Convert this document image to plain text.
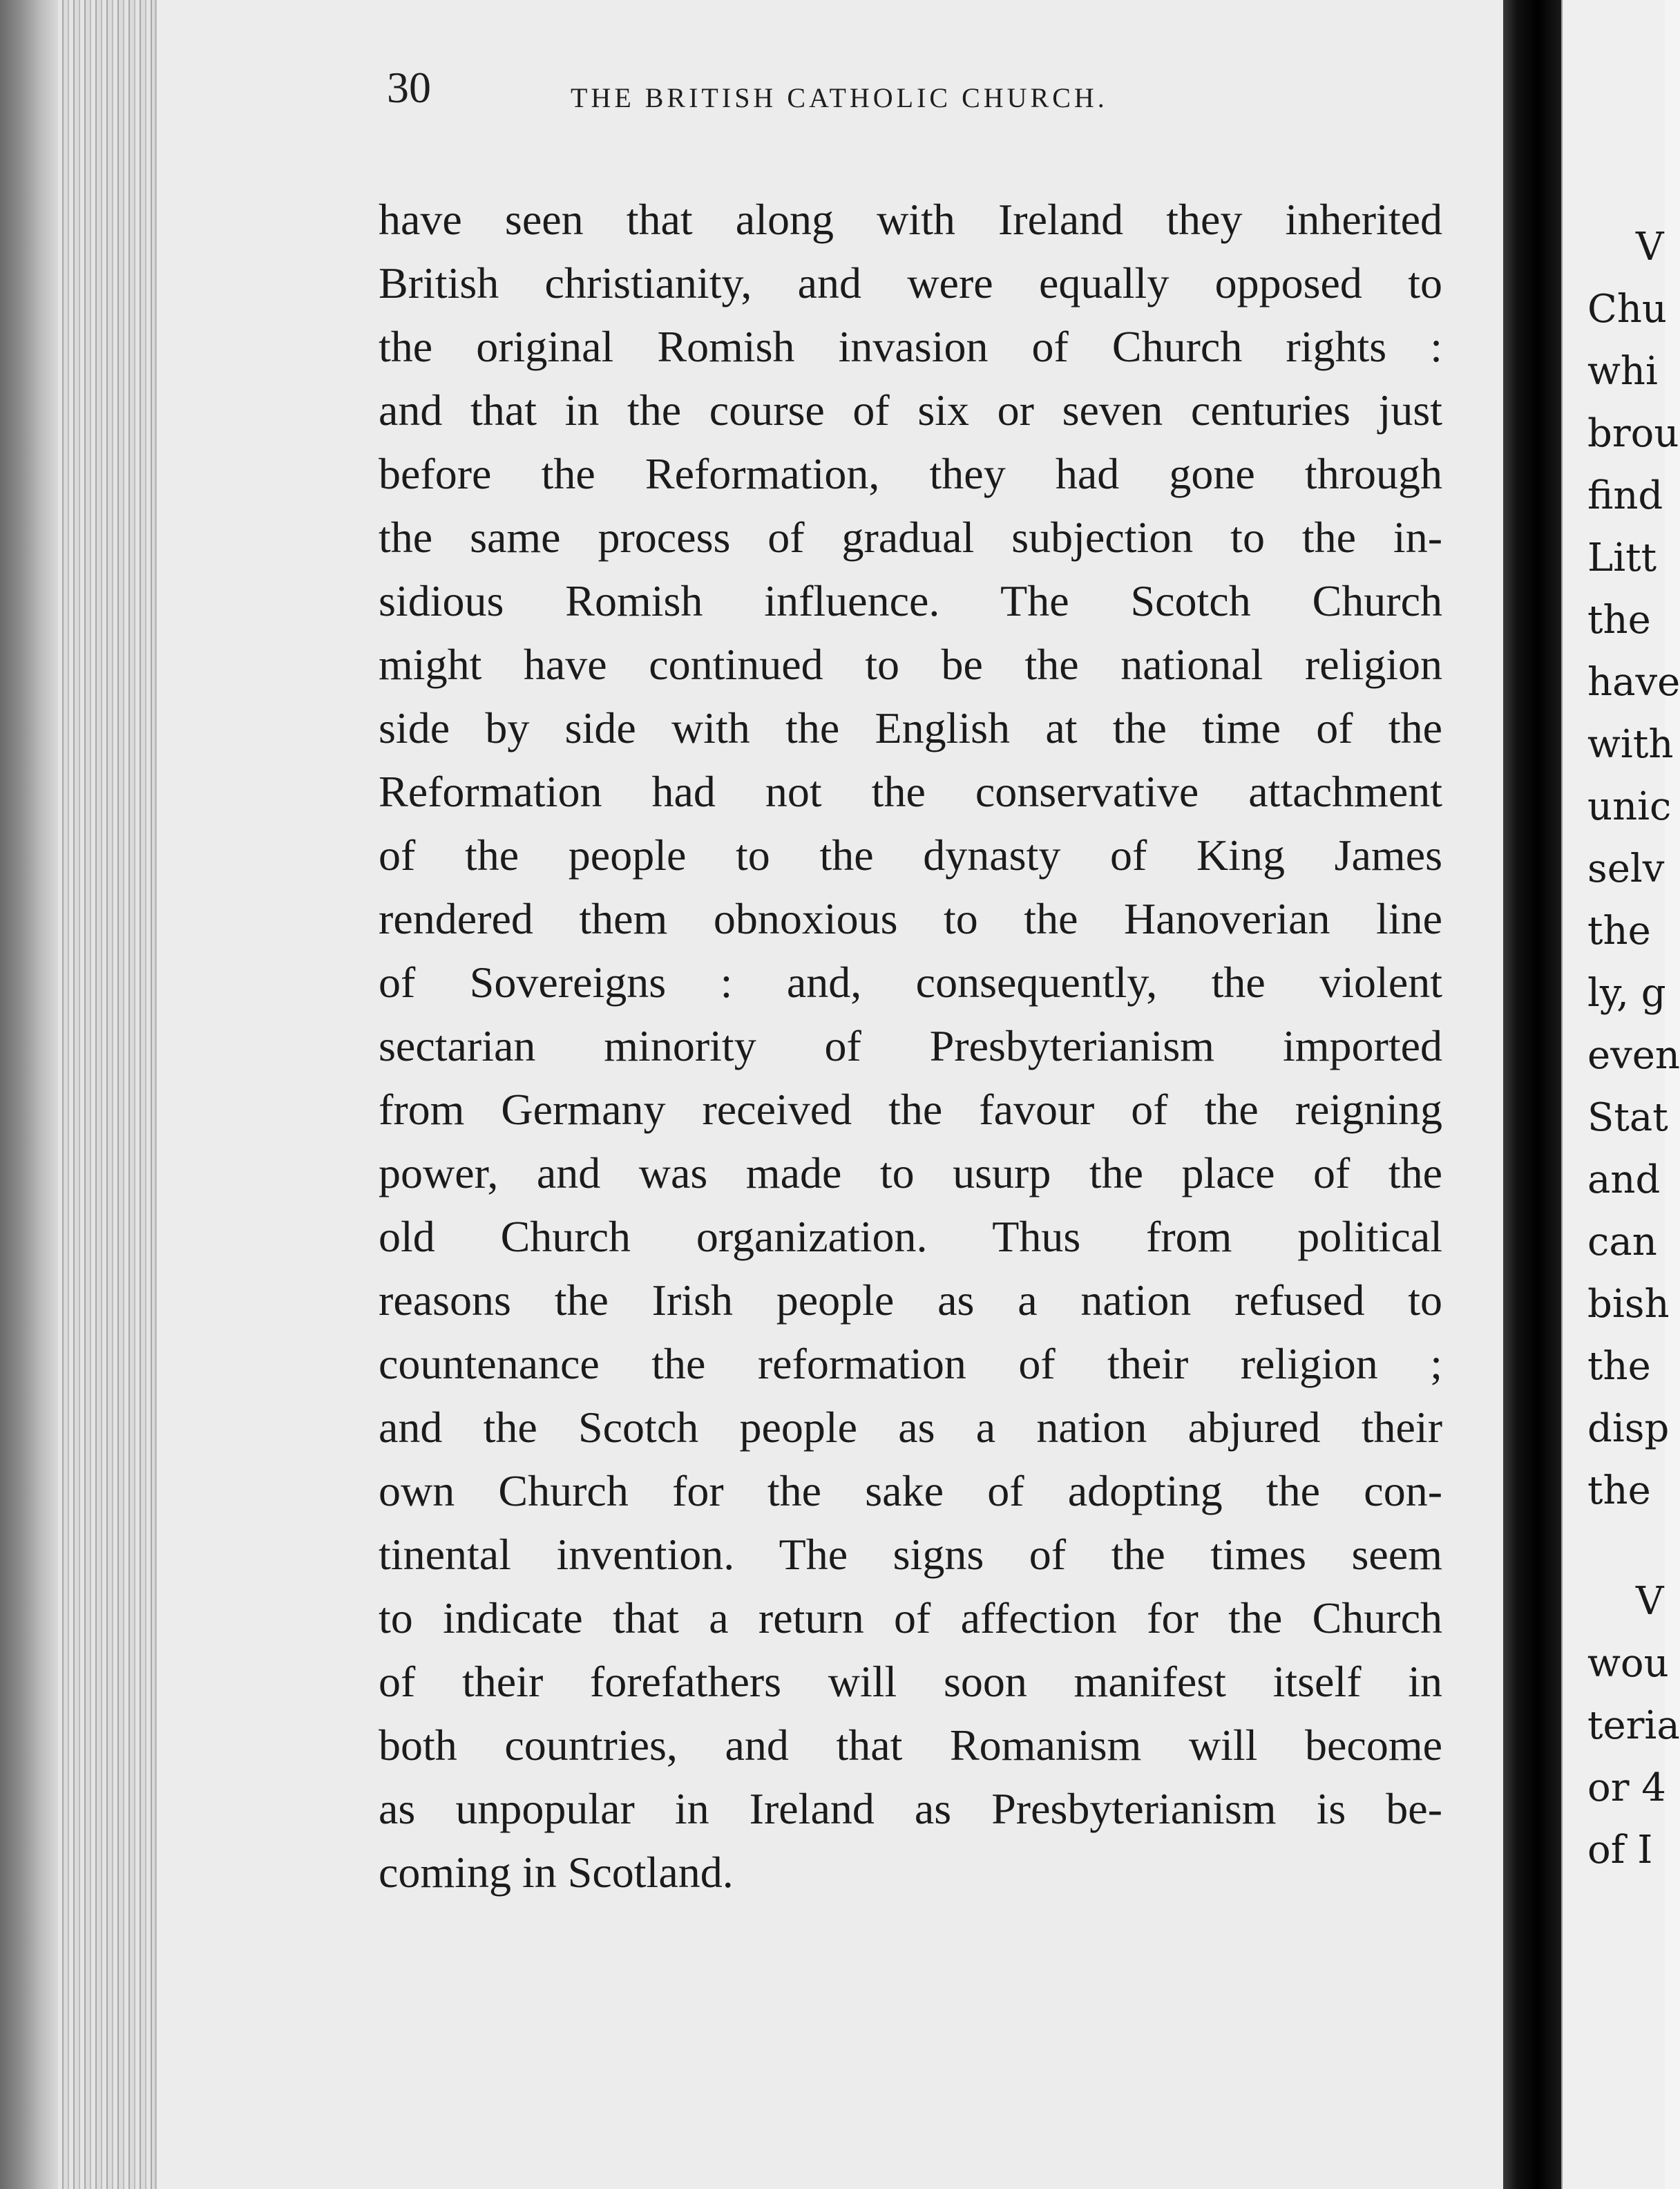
30	THE BRITISH CATHOLIC CHURCH.
have seen that along with Ireland they inherited
British christianity, and were equally opposed to
the original Romish invasion of Church rights :
and that in the course of six or seven centuries just
before the Reformation, they had gone through
the same process of gradual subjection to the in-
sidious Romish influence. The Scotch Church
might have continued to be the national religion
side by side with the English at the time of the
Reformation had not the conservative attachment
of the people to the dynasty of King James
rendered them obnoxious to the Hanoverian line
of Sovereigns : and, consequently, the violent
sectarian minority of Presbyterianism imported
from Germany received the favour of the reigning
power, and was made to usurp the place of the
old Church organization. Thus from political
reasons the Irish people as a nation refused to
countenance the reformation of their religion ;
and the Scotch people as a nation abjured their
own Church for the sake of adopting the con-
tinental invention. The signs of the times seem
to indicate that a return of affection for the Church
of their forefathers will soon manifest itself in
both countries, and that Romanism will become
as unpopular in Ireland as Presbyterianism is be-
coming in Scotland.
V
Chu
whi
brou
find
Litt
the
have
with
unic
selv
the
ly, g
even
Stat
and
can
bish
the
disp
the
V
wou
teria
or 4
of I
